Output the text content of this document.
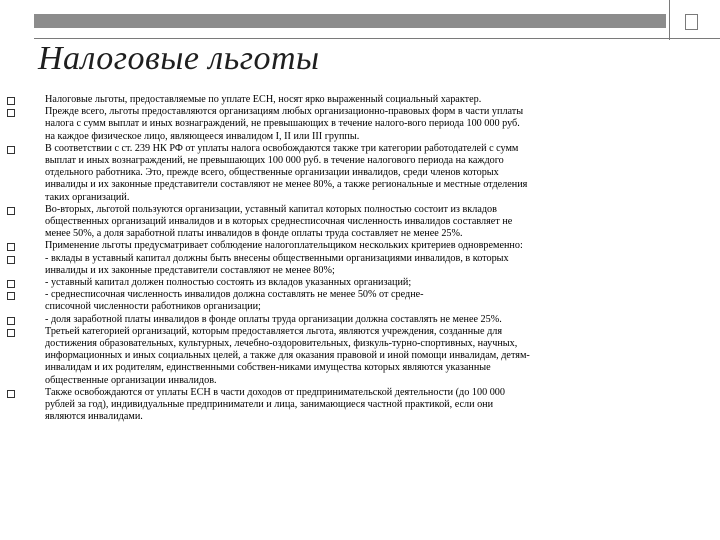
Налоговые льготы
Налоговые льготы, предоставляемые по уплате ЕСН, носят ярко выраженный социальный характер.
Прежде всего, льготы предоставляются организациям любых организационно-правовых форм в части уплаты
налога с сумм выплат и иных вознаграждений, не превышающих в течение налого-вого периода 100 000 руб.
на каждое физическое лицо, являющееся инвалидом I, II или III группы.
В соответствии с ст. 239 НК РФ от уплаты налога освобождаются также три категории работодателей с сумм
выплат и иных вознаграждений, не превышающих 100 000 руб. в течение налогового периода на каждого
отдельного работника. Это, прежде всего, общественные организации инвалидов, среди членов которых
инвалиды и их законные представители составляют не менее 80%, а также региональные и местные отделения
таких организаций.
Во-вторых, льготой пользуются организации, уставный капитал которых полностью состоит из вкладов
общественных организаций инвалидов и в которых среднесписочная численность инвалидов составляет не
менее 50%, а доля заработной платы инвалидов в фонде оплаты труда составляет не менее 25%.
Применение льготы предусматривает соблюдение налогоплательщиком нескольких критериев одновременно:
- вклады в уставный капитал должны быть внесены общественными организациями инвалидов, в которых
инвалиды и их законные представители составляют не менее 80%;
- уставный капитал должен полностью состоять из вкладов указанных организаций;
- среднесписочная численность инвалидов должна составлять не менее 50% от средне-
списочной численности работников организации;
- доля заработной платы инвалидов в фонде оплаты труда организации должна составлять не менее 25%.
Третьей категорией организаций, которым предоставляется льгота, являются учреждения, созданные для
достижения образовательных, культурных, лечебно-оздоровительных, физкуль-турно-спортивных, научных,
информационных и иных социальных целей, а также для оказания правовой и иной помощи инвалидам, детям-
инвалидам и их родителям, единственными собствен-никами имущества которых являются указанные
общественные организации инвалидов.
Также освобождаются от уплаты ЕСН в части доходов от предпринимательской деятельности (до 100 000
рублей за год), индивидуальные предприниматели и лица, занимающиеся частной практикой, если они
являются инвалидами.
